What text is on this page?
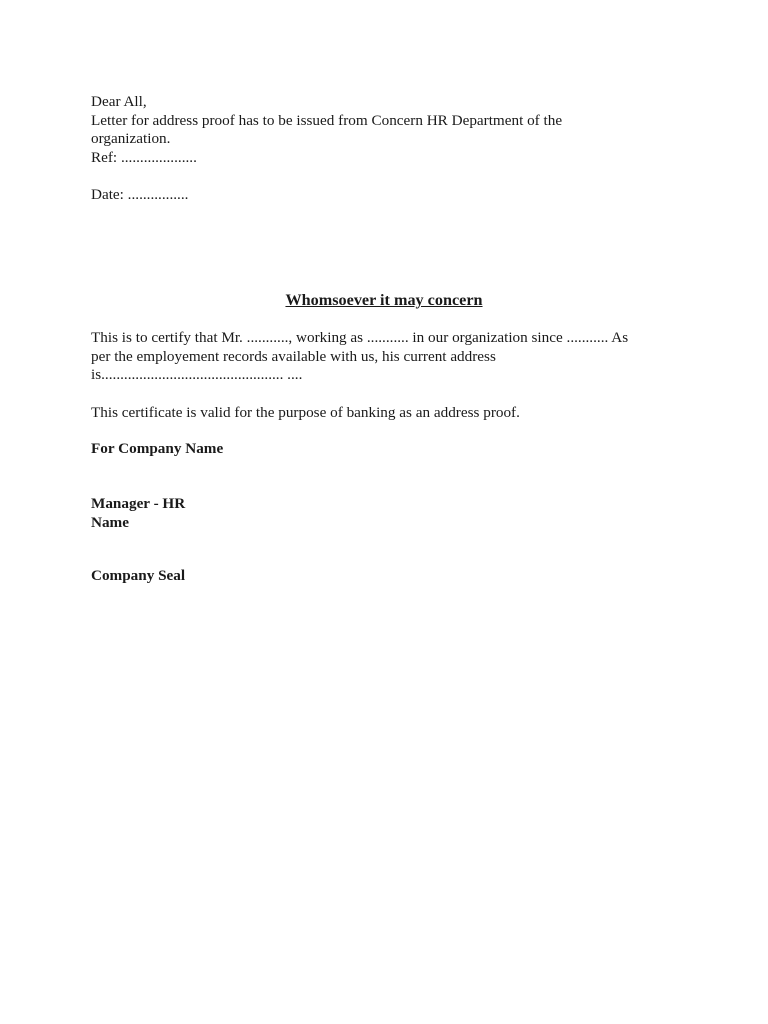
Dear All,
Letter for address proof has to be issued from Concern HR Department of the
organization.
Ref: ....................
Date: ................
Whomsoever it may concern
This is to certify that Mr. ..........., working as ........... in our organization since ........... As
per the employement records available with us, his current address
is................................................ ....
This certificate is valid for the purpose of banking as an address proof.
For Company Name
Manager - HR
Name
Company Seal
